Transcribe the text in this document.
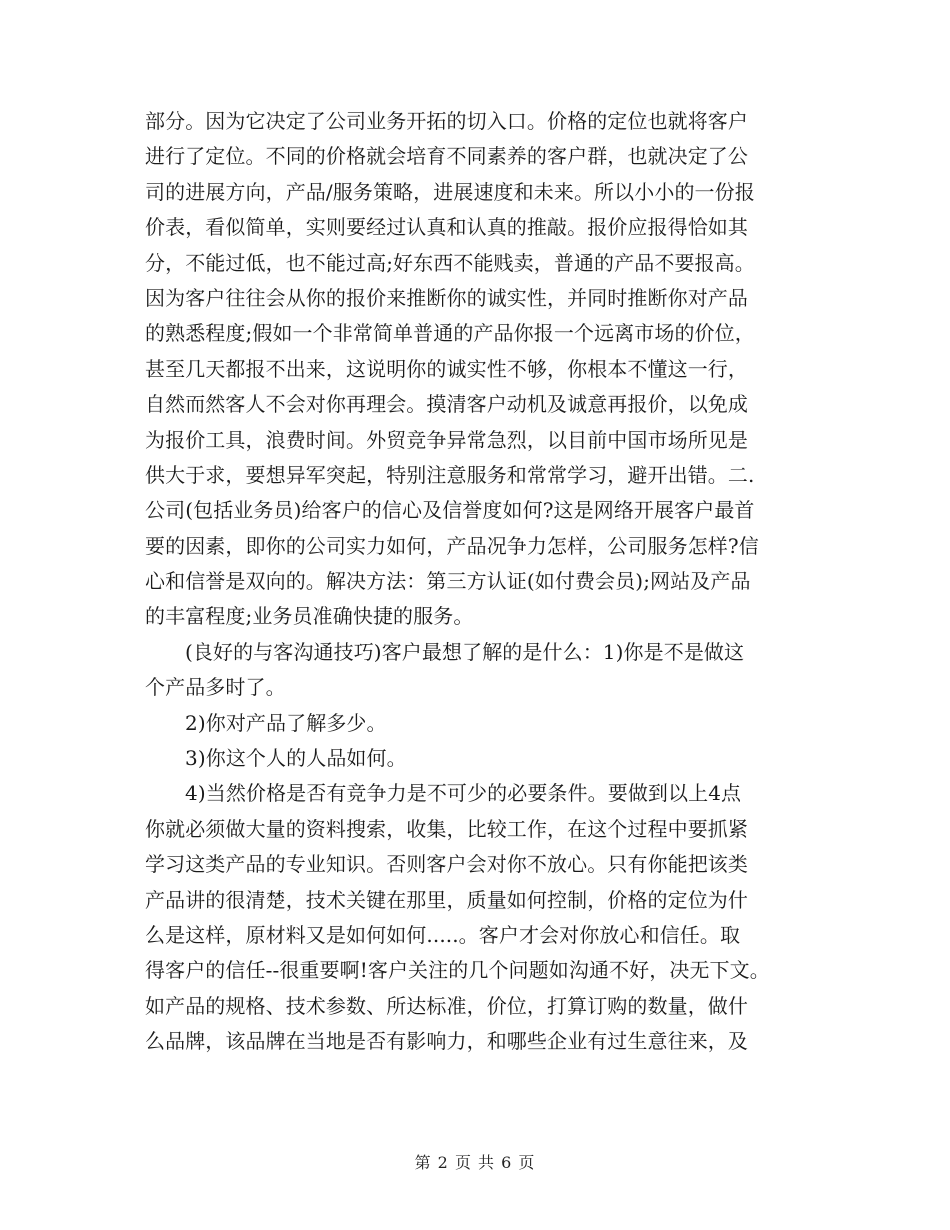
部分。因为它决定了公司业务开拓的切入口。价格的定位也就将客户
进行了定位。不同的价格就会培育不同素养的客户群，也就决定了公
司的进展方向，产品/服务策略，进展速度和未来。所以小小的一份报
价表，看似简单，实则要经过认真和认真的推敲。报价应报得恰如其
分，不能过低，也不能过高;好东西不能贱卖，普通的产品不要报高。
因为客户往往会从你的报价来推断你的诚实性，并同时推断你对产品
的熟悉程度;假如一个非常简单普通的产品你报一个远离市场的价位，
甚至几天都报不出来，这说明你的诚实性不够，你根本不懂这一行，
自然而然客人不会对你再理会。摸清客户动机及诚意再报价，以免成
为报价工具，浪费时间。外贸竞争异常急烈，以目前中国市场所见是
供大于求，要想异军突起，特别注意服务和常常学习，避开出错。二.
公司(包括业务员)给客户的信心及信誉度如何?这是网络开展客户最首
要的因素，即你的公司实力如何，产品况争力怎样，公司服务怎样?信
心和信誉是双向的。解决方法：第三方认证(如付费会员);网站及产品
的丰富程度;业务员准确快捷的服务。
(良好的与客沟通技巧)客户最想了解的是什么：1)你是不是做这
个产品多时了。
2)你对产品了解多少。
3)你这个人的人品如何。
4)当然价格是否有竞争力是不可少的必要条件。要做到以上4点
你就必须做大量的资料搜索，收集，比较工作，在这个过程中要抓紧
学习这类产品的专业知识。否则客户会对你不放心。只有你能把该类
产品讲的很清楚，技术关键在那里，质量如何控制，价格的定位为什
么是这样，原材料又是如何如何.....。客户才会对你放心和信任。取
得客户的信任--很重要啊!客户关注的几个问题如沟通不好，决无下文。
如产品的规格、技术参数、所达标准，价位，打算订购的数量，做什
么品牌，该品牌在当地是否有影响力，和哪些企业有过生意往来，及
第 2 页 共 6 页
